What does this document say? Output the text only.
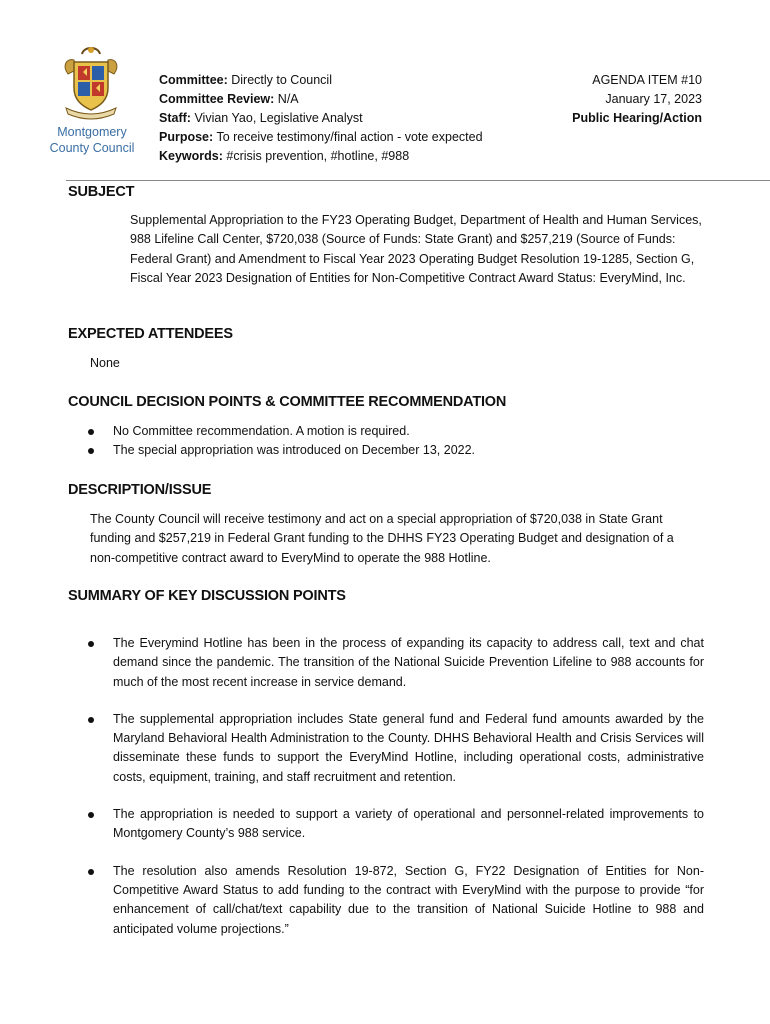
Montgomery
County Council
Committee: Directly to Council
Committee Review: N/A
Staff: Vivian Yao, Legislative Analyst
Purpose: To receive testimony/final action - vote expected
Keywords: #crisis prevention, #hotline, #988
AGENDA ITEM #10
January 17, 2023
Public Hearing/Action
SUBJECT

Supplemental Appropriation to the FY23 Operating Budget, Department of Health and Human Services, 988 Lifeline Call Center, $720,038 (Source of Funds: State Grant) and $257,219 (Source of Funds: Federal Grant) and Amendment to Fiscal Year 2023 Operating Budget Resolution 19-1285, Section G, Fiscal Year 2023 Designation of Entities for Non-Competitive Contract Award Status: EveryMind, Inc.

EXPECTED ATTENDEES

None

COUNCIL DECISION POINTS & COMMITTEE RECOMMENDATION
No Committee recommendation. A motion is required.
The special appropriation was introduced on December 13, 2022.
DESCRIPTION/ISSUE

The County Council will receive testimony and act on a special appropriation of $720,038 in State Grant funding and $257,219 in Federal Grant funding to the DHHS FY23 Operating Budget and designation of a non-competitive contract award to EveryMind to operate the 988 Hotline.

SUMMARY OF KEY DISCUSSION POINTS
The Everymind Hotline has been in the process of expanding its capacity to address call, text and chat demand since the pandemic. The transition of the National Suicide Prevention Lifeline to 988 accounts for much of the most recent increase in service demand.
The supplemental appropriation includes State general fund and Federal fund amounts awarded by the Maryland Behavioral Health Administration to the County. DHHS Behavioral Health and Crisis Services will disseminate these funds to support the EveryMind Hotline, including operational costs, administrative costs, equipment, training, and staff recruitment and retention.
The appropriation is needed to support a variety of operational and personnel-related improvements to Montgomery County’s 988 service.
The resolution also amends Resolution 19-872, Section G, FY22 Designation of Entities for Non-Competitive Award Status to add funding to the contract with EveryMind with the purpose to provide “for enhancement of call/chat/text capability due to the transition of National Suicide Hotline to 988 and anticipated volume projections.”
